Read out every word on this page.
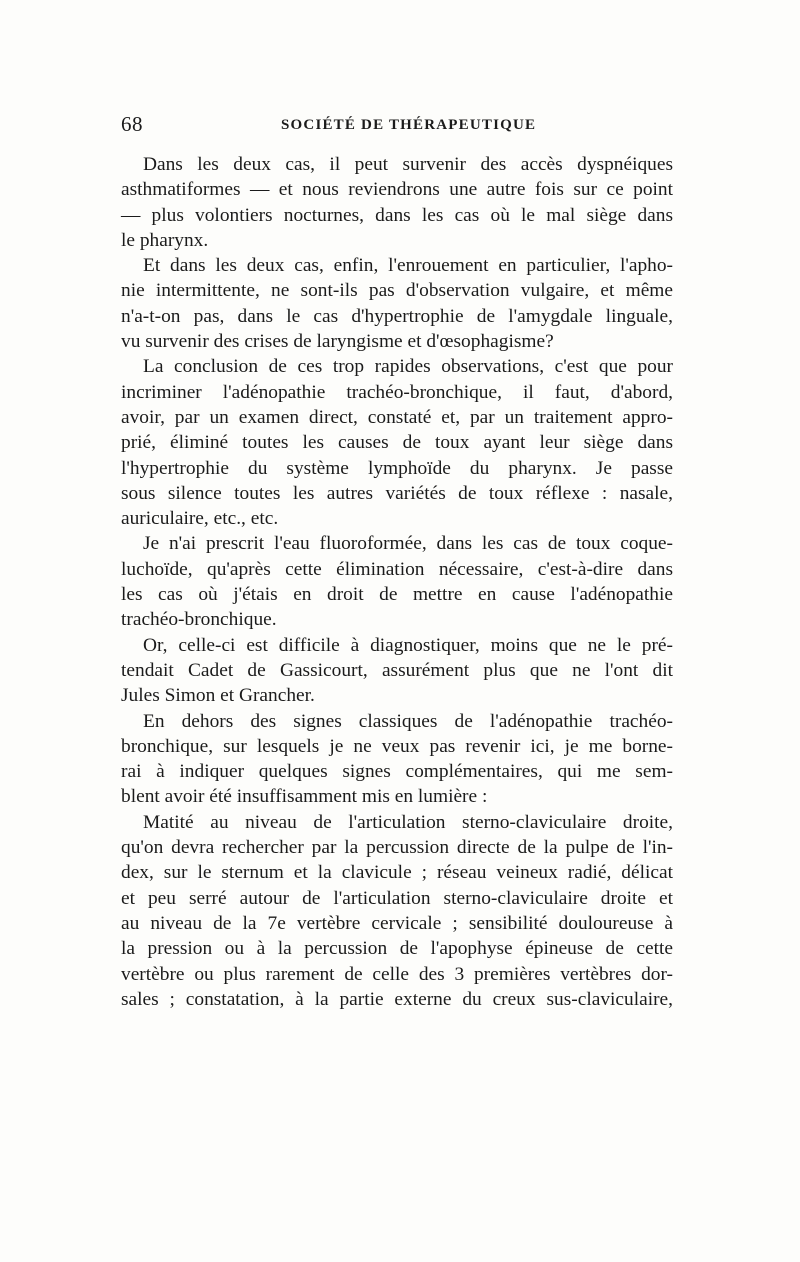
68	SOCIÉTÉ DE THÉRAPEUTIQUE
Dans les deux cas, il peut survenir des accès dyspnéiques
asthmatiformes — et nous reviendrons une autre fois sur ce point
— plus volontiers nocturnes, dans les cas où le mal siège dans
le pharynx.
Et dans les deux cas, enfin, l'enrouement en particulier, l'apho-
nie intermittente, ne sont-ils pas d'observation vulgaire, et même
n'a-t-on pas, dans le cas d'hypertrophie de l'amygdale linguale,
vu survenir des crises de laryngisme et d'œsophagisme?
La conclusion de ces trop rapides observations, c'est que pour
incriminer l'adénopathie trachéo-bronchique, il faut, d'abord,
avoir, par un examen direct, constaté et, par un traitement appro-
prié, éliminé toutes les causes de toux ayant leur siège dans
l'hypertrophie du système lymphoïde du pharynx. Je passe
sous silence toutes les autres variétés de toux réflexe : nasale,
auriculaire, etc., etc.
Je n'ai prescrit l'eau fluoroformée, dans les cas de toux coque-
luchoïde, qu'après cette élimination nécessaire, c'est-à-dire dans
les cas où j'étais en droit de mettre en cause l'adénopathie
trachéo-bronchique.
Or, celle-ci est difficile à diagnostiquer, moins que ne le pré-
tendait Cadet de Gassicourt, assurément plus que ne l'ont dit
Jules Simon et Grancher.
En dehors des signes classiques de l'adénopathie trachéo-
bronchique, sur lesquels je ne veux pas revenir ici, je me borne-
rai à indiquer quelques signes complémentaires, qui me sem-
blent avoir été insuffisamment mis en lumière :
Matité au niveau de l'articulation sterno-claviculaire droite,
qu'on devra rechercher par la percussion directe de la pulpe de l'in-
dex, sur le sternum et la clavicule ; réseau veineux radié, délicat
et peu serré autour de l'articulation sterno-claviculaire droite et
au niveau de la 7e vertèbre cervicale ; sensibilité douloureuse à
la pression ou à la percussion de l'apophyse épineuse de cette
vertèbre ou plus rarement de celle des 3 premières vertèbres dor-
sales ; constatation, à la partie externe du creux sus-claviculaire,
